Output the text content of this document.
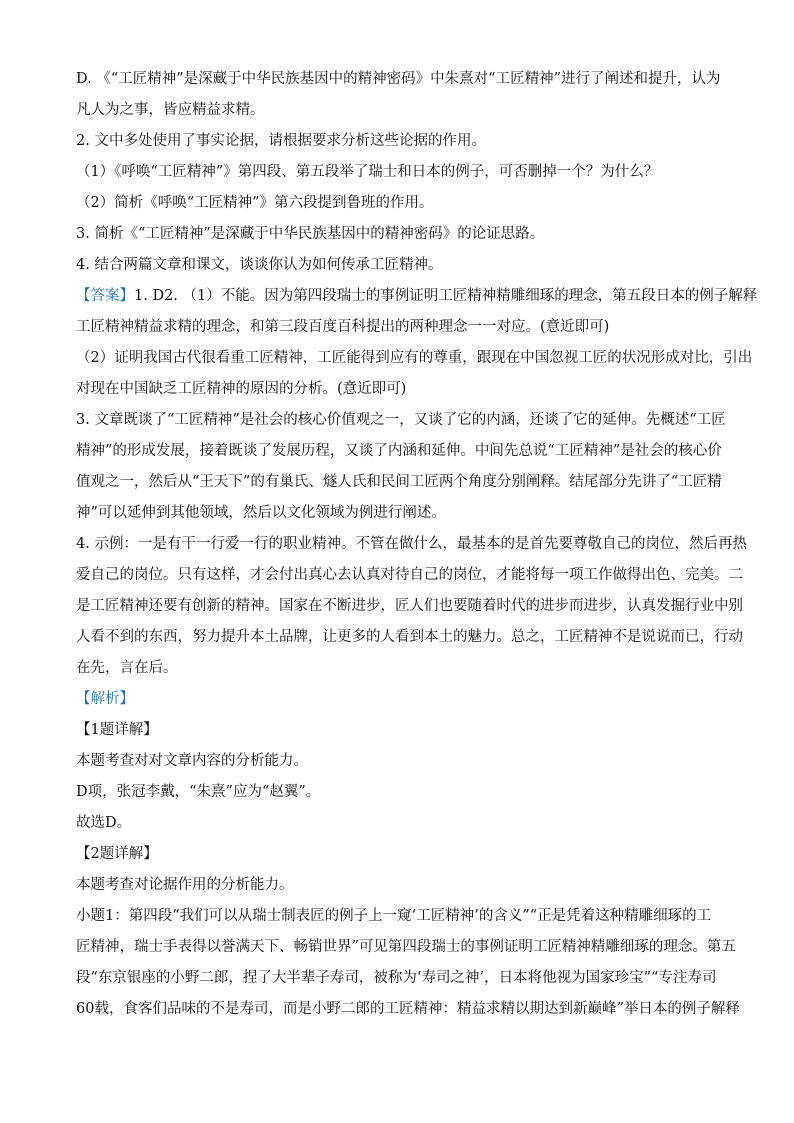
D. 《“工匠精神”是深藏于中华民族基因中的精神密码》中朱熹对“工匠精神”进行了阐述和提升，认为
凡人为之事，皆应精益求精。
2. 文中多处使用了事实论据，请根据要求分析这些论据的作用。
（1）《呼唤“工匠精神”》第四段、第五段举了瑞士和日本的例子，可否删掉一个？为什么？
（2）简析《呼唤“工匠精神”》第六段提到鲁班的作用。
3. 简析《“工匠精神”是深藏于中华民族基因中的精神密码》的论证思路。
4. 结合两篇文章和课文，谈谈你认为如何传承工匠精神。
【答案】1. D2. （1）不能。因为第四段瑞士的事例证明工匠精神精雕细琢的理念，第五段日本的例子解释
工匠精神精益求精的理念，和第三段百度百科提出的两种理念一一对应。(意近即可)
（2）证明我国古代很看重工匠精神，工匠能得到应有的尊重，跟现在中国忽视工匠的状况形成对比，引出
对现在中国缺乏工匠精神的原因的分析。(意近即可)
3. 文章既谈了“工匠精神”是社会的核心价值观之一，又谈了它的内涵，还谈了它的延伸。先概述“工匠
精神”的形成发展，接着既谈了发展历程，又谈了内涵和延伸。中间先总说“工匠精神”是社会的核心价
值观之一，然后从“王天下”的有巢氏、燧人氏和民间工匠两个角度分别阐释。结尾部分先讲了“工匠精
神”可以延伸到其他领域，然后以文化领域为例进行阐述。
4. 示例：一是有干一行爱一行的职业精神。不管在做什么，最基本的是首先要尊敬自己的岗位，然后再热
爱自己的岗位。只有这样，才会付出真心去认真对待自己的岗位，才能将每一项工作做得出色、完美。二
是工匠精神还要有创新的精神。国家在不断进步，匠人们也要随着时代的进步而进步，认真发掘行业中别
人看不到的东西，努力提升本土品牌，让更多的人看到本土的魅力。总之，工匠精神不是说说而已，行动
在先，言在后。
【解析】
【1题详解】
本题考查对对文章内容的分析能力。
D项，张冠李戴，“朱熹”应为“赵翼”。
故选D。
【2题详解】
本题考查对论据作用的分析能力。
小题1：第四段“我们可以从瑞士制表匠的例子上一窥‘工匠精神’的含义”“正是凭着这种精雕细琢的工
匠精神，瑞士手表得以誉满天下、畅销世界”可见第四段瑞士的事例证明工匠精神精雕细琢的理念。第五
段“东京银座的小野二郎，捏了大半辈子寿司，被称为‘寿司之神’，日本将他视为国家珍宝”“专注寿司
60载，食客们品味的不是寿司，而是小野二郎的工匠精神：精益求精以期达到新巅峰”举日本的例子解释
